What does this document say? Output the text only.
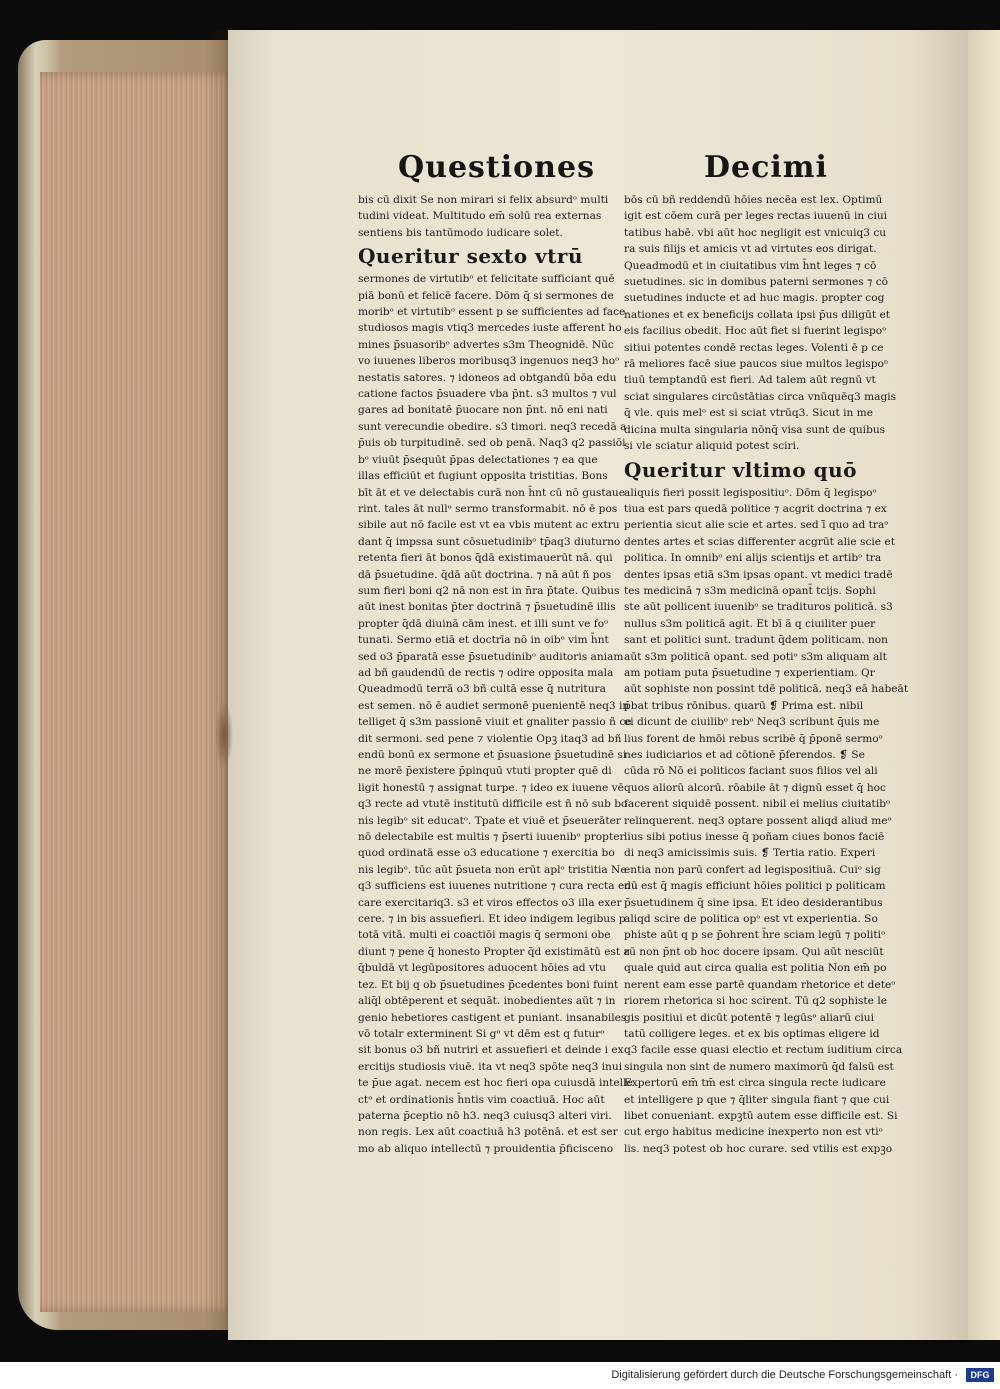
Questiones	Decimi
bis cū dixit Se non mirari si felix absurdᵒ multi
tudini videat. Multitudo em̄ solū rea externas
sentiens bis tantūmodo iudicare solet.
Queritur sexto vtrū
sermones de virtutibᵒ et felicitate sufficiant quē
piā bonū et felicē facere. Dōm q̄ si sermones de
moribᵒ et virtutibᵒ essent p se sufficientes ad face
studiosos magis vtiq3 mercedes iuste afferent ho
mines p̄suasoribᵒ advertes s3m Theognidē. Nūc
vo iuuenes liberos moribusq3 ingenuos neq3 hoᵒ
nestatis satores. ⁊ idoneos ad obtgandū bōa edu
catione factos p̄suadere vba p̄nt. s3 multos ⁊ vul
gares ad bonitatē p̄uocare non p̄nt. nō eni nati
sunt verecundie obedire. s3 timori. neq3 recedā a
p̄uis ob turpitudinē. sed ob penā. Naq3 q2 passiōi
bᵒ viuūt p̄sequūt p̄pas delectationes ⁊ ea que
illas efficiūt et fugiunt opposita tristitias. Bons
bīt āt et ve delectabis curā non h̄nt cū nō gustaue
rint. tales āt nullᵒ sermo transformabit. nō ē pos
sibile aut nō facile est vt ea vbis mutent ac extru
dant q̄ impssa sunt cōsuetudinibᵒ tp̄aq3 diuturno
retenta fieri āt bonos q̄dā existimauerūt nā. qui
dā p̄suetudine. q̄dā aūt doctrina. ⁊ nā aūt ñ pos
sum fieri boni q2 nā non est in n̄ra p̄tate. Quibus
aūt inest bonitas p̄ter doctrinā ⁊ p̄suetudinē illis
propter q̄dā diuinā cām inest. et illi sunt ve foᵒ
tunati. Sermo etiā et doctrīa nō in oibᵒ vim h̄nt
sed o3 p̄paratā esse p̄suetudinibᵒ auditoris aniam
ad bñ gaudendū de rectis ⁊ odire opposita mala
Queadmodū terrā o3 bñ cultā esse q̄ nutritura
est semen. nō ē audiet sermonē puenientē neq3 in
telliget q̄ s3m passionē viuit et gnaliter passio ñ ce
dit sermoni. sed pene ⁊ violentie Opꝫ itaq3 ad bñ
endū bonū ex sermone et p̄suasione p̄suetudinē si
ne morē p̄existere p̄pinquū vtuti propter quē di
ligit honestū ⁊ assignat turpe. ⁊ ideo ex iuuene vē
q3 recte ad vtutē institutū difficile est ñ nō sub bo
nis legibᵒ sit educatᵒ. Tpate et viuē et p̄seuerāter
nō delectabile est multis ⁊ p̄serti iuuenibᵒ propter
quod ordinatā esse o3 educatione ⁊ exercitia bo
nis legibᵒ. tūc aūt p̄sueta non erūt aplᵒ tristitia Ne
q3 sufficiens est iuuenes nutritione ⁊ cura recta edu
care exercitariq3. s3 et viros effectos o3 illa exer
cere. ⁊ in bis assuefieri. Et ideo indigem legibus p
totā vitā. multi ei coactiōi magis q̄ sermoni obe
diunt ⁊ pene q̄ honesto Propter q̄d existimātū est a
q̄buldā vt legūpositores aduocent hōies ad vtu
tez. Et bij q ob p̄suetudines p̄cedentes boni fuint
aliq̄l obtēperent et sequāt. inobedientes aūt ⁊ in
genio hebetiores castigent et puniant. insanabiles
vō totalr exterminent Si gᵒ vt dēm est q futurᵒ
sit bonus o3 bñ nutriri et assuefieri et deinde i ex
ercitijs studiosis viuē. ita vt neq3 spōte neq3 inui
te p̄ue agat. necem est hoc fieri opa cuiusdā intelle
ctᵒ et ordinationis h̄ntis vim coactiuā. Hoc aūt
paterna p̄ceptio nō h3. neq3 cuiusq3 alteri viri.
non regis. Lex aūt coactiuā h3 potēnā. et est ser
mo ab aliquo intellectū ⁊ prouidentia p̄ficisceno
bōs cū bñ reddendū hōies necēa est lex. Optimū
igit est cōem curā per leges rectas iuuenū in ciui
tatibus habē. vbi aūt hoc negligit est vnicuiq3 cu
ra suis filijs et amicis vt ad virtutes eos dirigat.
Queadmodū et in ciuitatibus vim h̄nt leges ⁊ cō
suetudines. sic in domibus paterni sermones ⁊ cō
suetudines inducte et ad huc magis. propter cog
nationes et ex beneficijs collata ipsi p̄us diligūt et
eis facilius obedit. Hoc aūt fiet si fuerint legispoᵒ
sitiui potentes condē rectas leges. Volenti ē p ce
rā meliores facē siue paucos siue multos legispoⁿ
tiuū temptandū est fieri. Ad talem aūt regnū vt
sciat singulares circūstātias circa vnūquēq3 magis
q̄ vle. quis melᵒ est si sciat vtrūq3. Sicut in me
dicina multa singularia nōnq̄ visa sunt de quibus
si vle sciatur aliquid potest sciri.
Queritur vltimo quō
aliquis fieri possit legispositiuᵒ. Dōm q̄ legispoᵒ
tiua est pars quedā politice ⁊ acgrit doctrina ⁊ ex
perientia sicut alie scie et artes. sed ī̄ quo ad traᵒ
dentes artes et scias differenter acgrūt alie scie et
politica. In omnibᵒ eni alijs scientijs et artibᵒ tra
dentes ipsas etiā s3m ipsas opant. vt medici tradē
tes medicinā ⁊ s3m medicinā opant̄ tcijs. Sophi
ste aūt pollicent iuuenibᵒ se tradituros politicā. s3
nullus s3m politicā agit. Et bī ā q ciuiliter puer
sant et politici sunt. tradunt q̄dem politicam. non
aūt s3m politicā opant. sed potiᵒ s3m aliquam alt
am potiam puta p̄suetudine ⁊ experientiam. Qr
aūt sophiste non possint tdē politicā. neq3 eā habeāt
p̄bat tribus rōnibus. quarū ❡ Prima est. nibil
ei dicunt de ciuilibᵒ rebᵒ Neq3 scribunt q̄uis me
lius forent de hmōi rebus scribē q̄ p̄ponē sermoᵒ
nes iudiciarios et ad cōtionē p̄ferendos. ❡ Se
cūda rō Nō ei politicos faciant suos filios vel ali
quos aliorū alcorū. rōabile āt ⁊ dignū esset q̄ hoc
facerent siquidē possent. nibil ei melius ciuitatibᵒ
relinquerent. neq3 optare possent aliqd aliud meᵒ
lius sibi potius inesse q̄ poñam ciues bonos faciē
di neq3 amicissimis suis. ❡ Tertia ratio. Experi
entia non parū confert ad legispositiuā. Cuiᵒ sig
nū est q̄ magis efficiunt hōies politici p politicam
p̄suetudinem q̄ sine ipsa. Et ideo desiderantibus
aliqd scire de politica opᵒ est vt experientia. So
phiste aūt q p se p̄ohrent h̄re sciam legū ⁊ politiᵒ
rū non p̄nt ob hoc docere ipsam. Qui aūt nesciūt
quale quid aut circa qualia est politia Non em̄ po
nerent eam esse partē quandam rhetorice et deteᵒ
riorem rhetorica si hoc scirent. Tū q2 sophiste le
gis positiui et dicūt potentē ⁊ legūsᵒ aliarū ciui
tatū colligere leges. et ex bis optimas eligere id
q3 facile esse quasi electio et rectum iuditium circa
singula non sint de numero maximorū q̄d falsū est
Expertorū em̄ tm̄ est circa singula recte iudicare
et intelligere p que ⁊ q̄liter singula fiant ⁊ que cui
libet conueniant. expꝫtū autem esse difficile est. Si
cut ergo habitus medicine inexperto non est vtiᵒ
lis. neq3 potest ob hoc curare. sed vtilis est expꝫo
Digitalisierung gefördert durch die Deutsche Forschungsgemeinschaft ·	DFG
